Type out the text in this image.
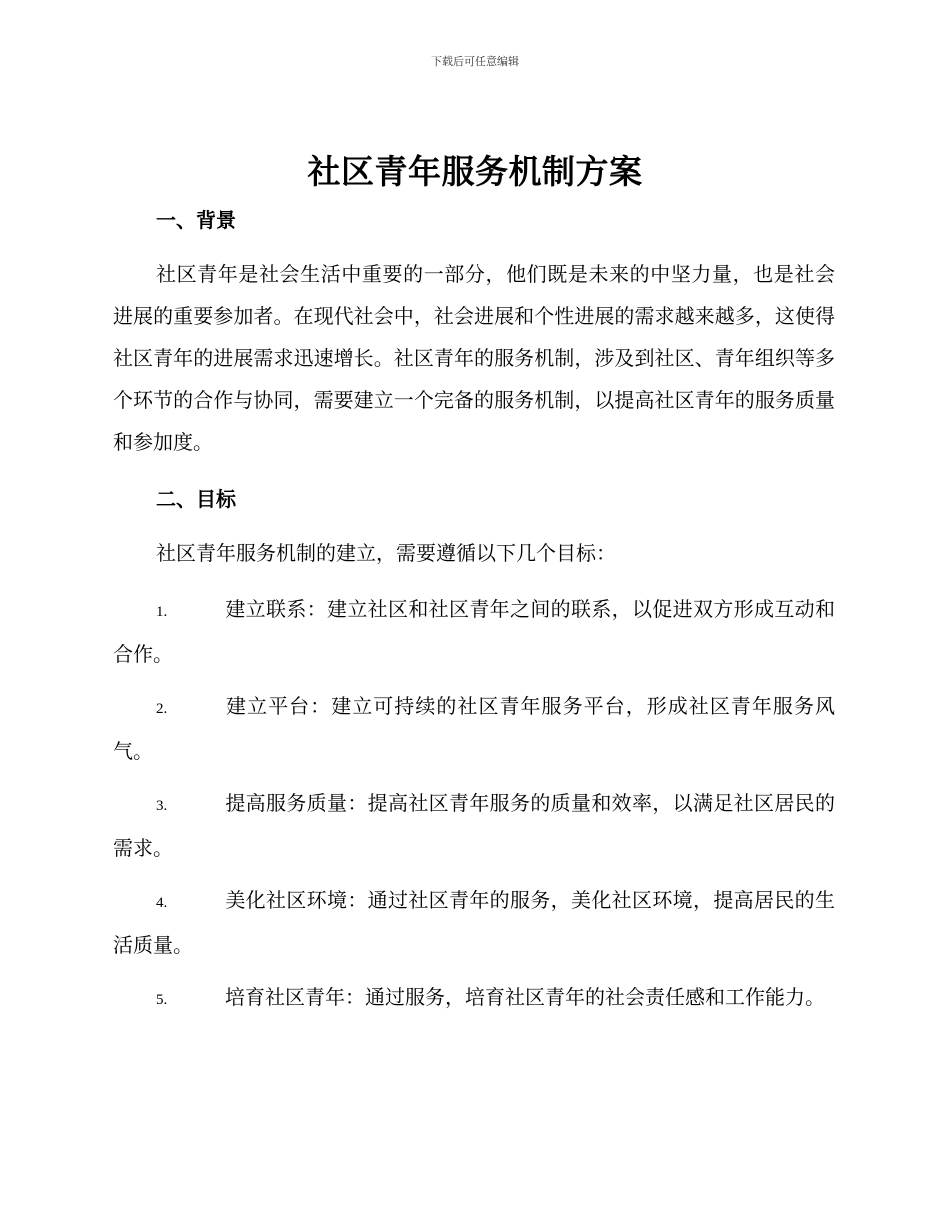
下载后可任意编辑
社区青年服务机制方案
一、背景

社区青年是社会生活中重要的一部分，他们既是未来的中坚力量，也是社会进展的重要参加者。在现代社会中，社会进展和个性进展的需求越来越多，这使得社区青年的进展需求迅速增长。社区青年的服务机制，涉及到社区、青年组织等多个环节的合作与协同，需要建立一个完备的服务机制，以提高社区青年的服务质量和参加度。

二、目标
社区青年服务机制的建立，需要遵循以下几个目标：
1.	建立联系：建立社区和社区青年之间的联系，以促进双方形成互动和合作。
2.	建立平台：建立可持续的社区青年服务平台，形成社区青年服务风气。
3.	提高服务质量：提高社区青年服务的质量和效率，以满足社区居民的需求。
4.	美化社区环境：通过社区青年的服务，美化社区环境，提高居民的生活质量。
5.	培育社区青年：通过服务，培育社区青年的社会责任感和工作能力。
